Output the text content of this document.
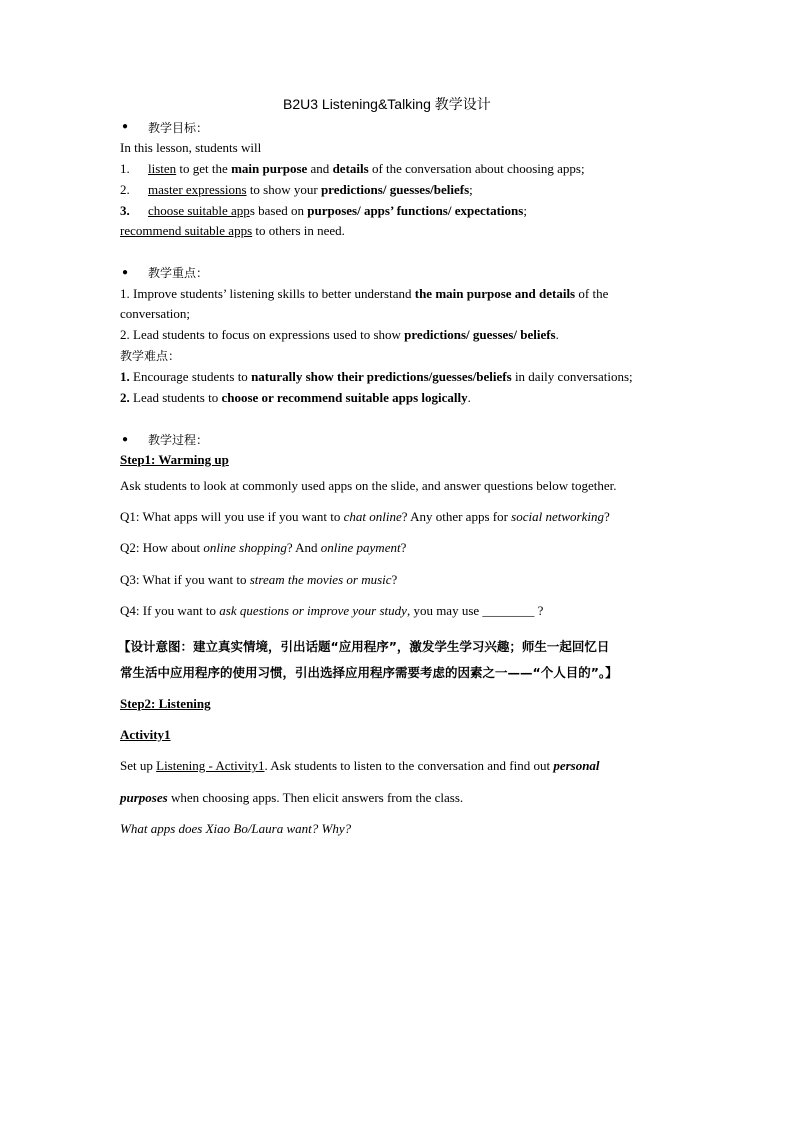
B2U3 Listening&Talking 教学设计
● 教学目标：
In this lesson, students will
1. listen to get the main purpose and details of the conversation about choosing apps;
2. master expressions to show your predictions/ guesses/beliefs;
3. choose suitable apps based on purposes/ apps’ functions/ expectations;
recommend suitable apps to others in need.
● 教学重点：
1. Improve students’ listening skills to better understand the main purpose and details of the
conversation;
2. Lead students to focus on expressions used to show predictions/ guesses/ beliefs.
教学难点：
1. Encourage students to naturally show their predictions/guesses/beliefs in daily conversations;
2. Lead students to choose or recommend suitable apps logically.
● 教学过程：
Step1: Warming up
Ask students to look at commonly used apps on the slide, and answer questions below together.
Q1: What apps will you use if you want to chat online? Any other apps for social networking?
Q2: How about online shopping? And online payment?
Q3: What if you want to stream the movies or music?
Q4: If you want to ask questions or improve your study, you may use ________ ?
【设计意图：建立真实情境，引出话题“应用程序”，激发学生学习兴趣；师生一起回忆日
常生活中应用程序的使用习惯，引出选择应用程序需要考虑的因素之一——“个人目的”。】
Step2: Listening
Activity1
Set up Listening - Activity1. Ask students to listen to the conversation and find out personal
purposes when choosing apps. Then elicit answers from the class.
What apps does Xiao Bo/Laura want? Why?
